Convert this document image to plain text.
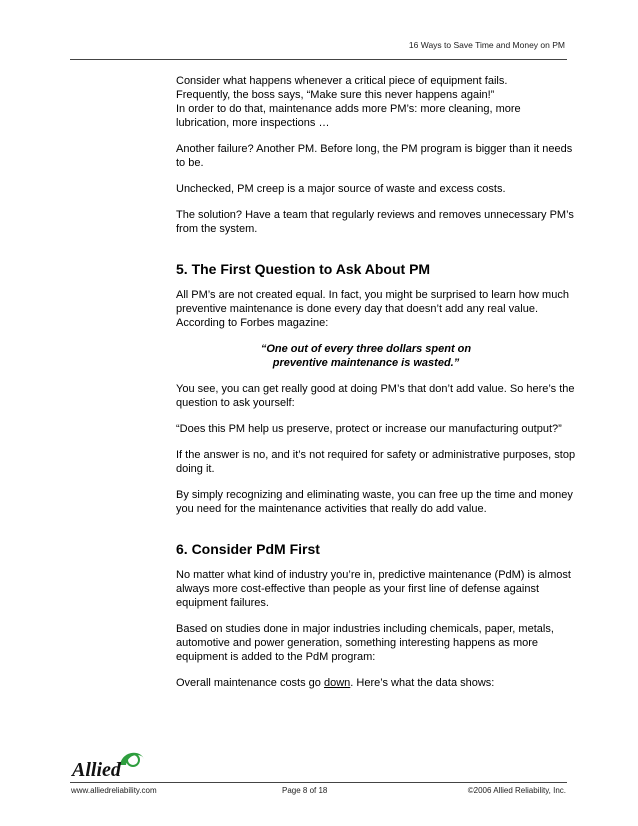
16 Ways to Save Time and Money on PM

Consider what happens whenever a critical piece of equipment fails.
Frequently, the boss says, “Make sure this never happens again!”
In order to do that, maintenance adds more PM’s: more cleaning, more lubrication, more inspections …

Another failure? Another PM. Before long, the PM program is bigger than it needs to be.

Unchecked, PM creep is a major source of waste and excess costs.

The solution? Have a team that regularly reviews and removes unnecessary PM’s from the system.

5. The First Question to Ask About PM

All PM’s are not created equal. In fact, you might be surprised to learn how much preventive maintenance is done every day that doesn’t add any real value. According to Forbes magazine:

“One out of every three dollars spent on
preventive maintenance is wasted.”

You see, you can get really good at doing PM’s that don’t add value. So here’s the question to ask yourself:

“Does this PM help us preserve, protect or increase our manufacturing output?”

If the answer is no, and it’s not required for safety or administrative purposes, stop doing it.

By simply recognizing and eliminating waste, you can free up the time and money you need for the maintenance activities that really do add value.

6. Consider PdM First

No matter what kind of industry you’re in, predictive maintenance (PdM) is almost always more cost-effective than people as your first line of defense against equipment failures.

Based on studies done in major industries including chemicals, paper, metals, automotive and power generation, something interesting happens as more equipment is added to the PdM program:

Overall maintenance costs go down. Here’s what the data shows:

Allied
www.alliedreliability.com	Page 8 of 18	©2006 Allied Reliability, Inc.
